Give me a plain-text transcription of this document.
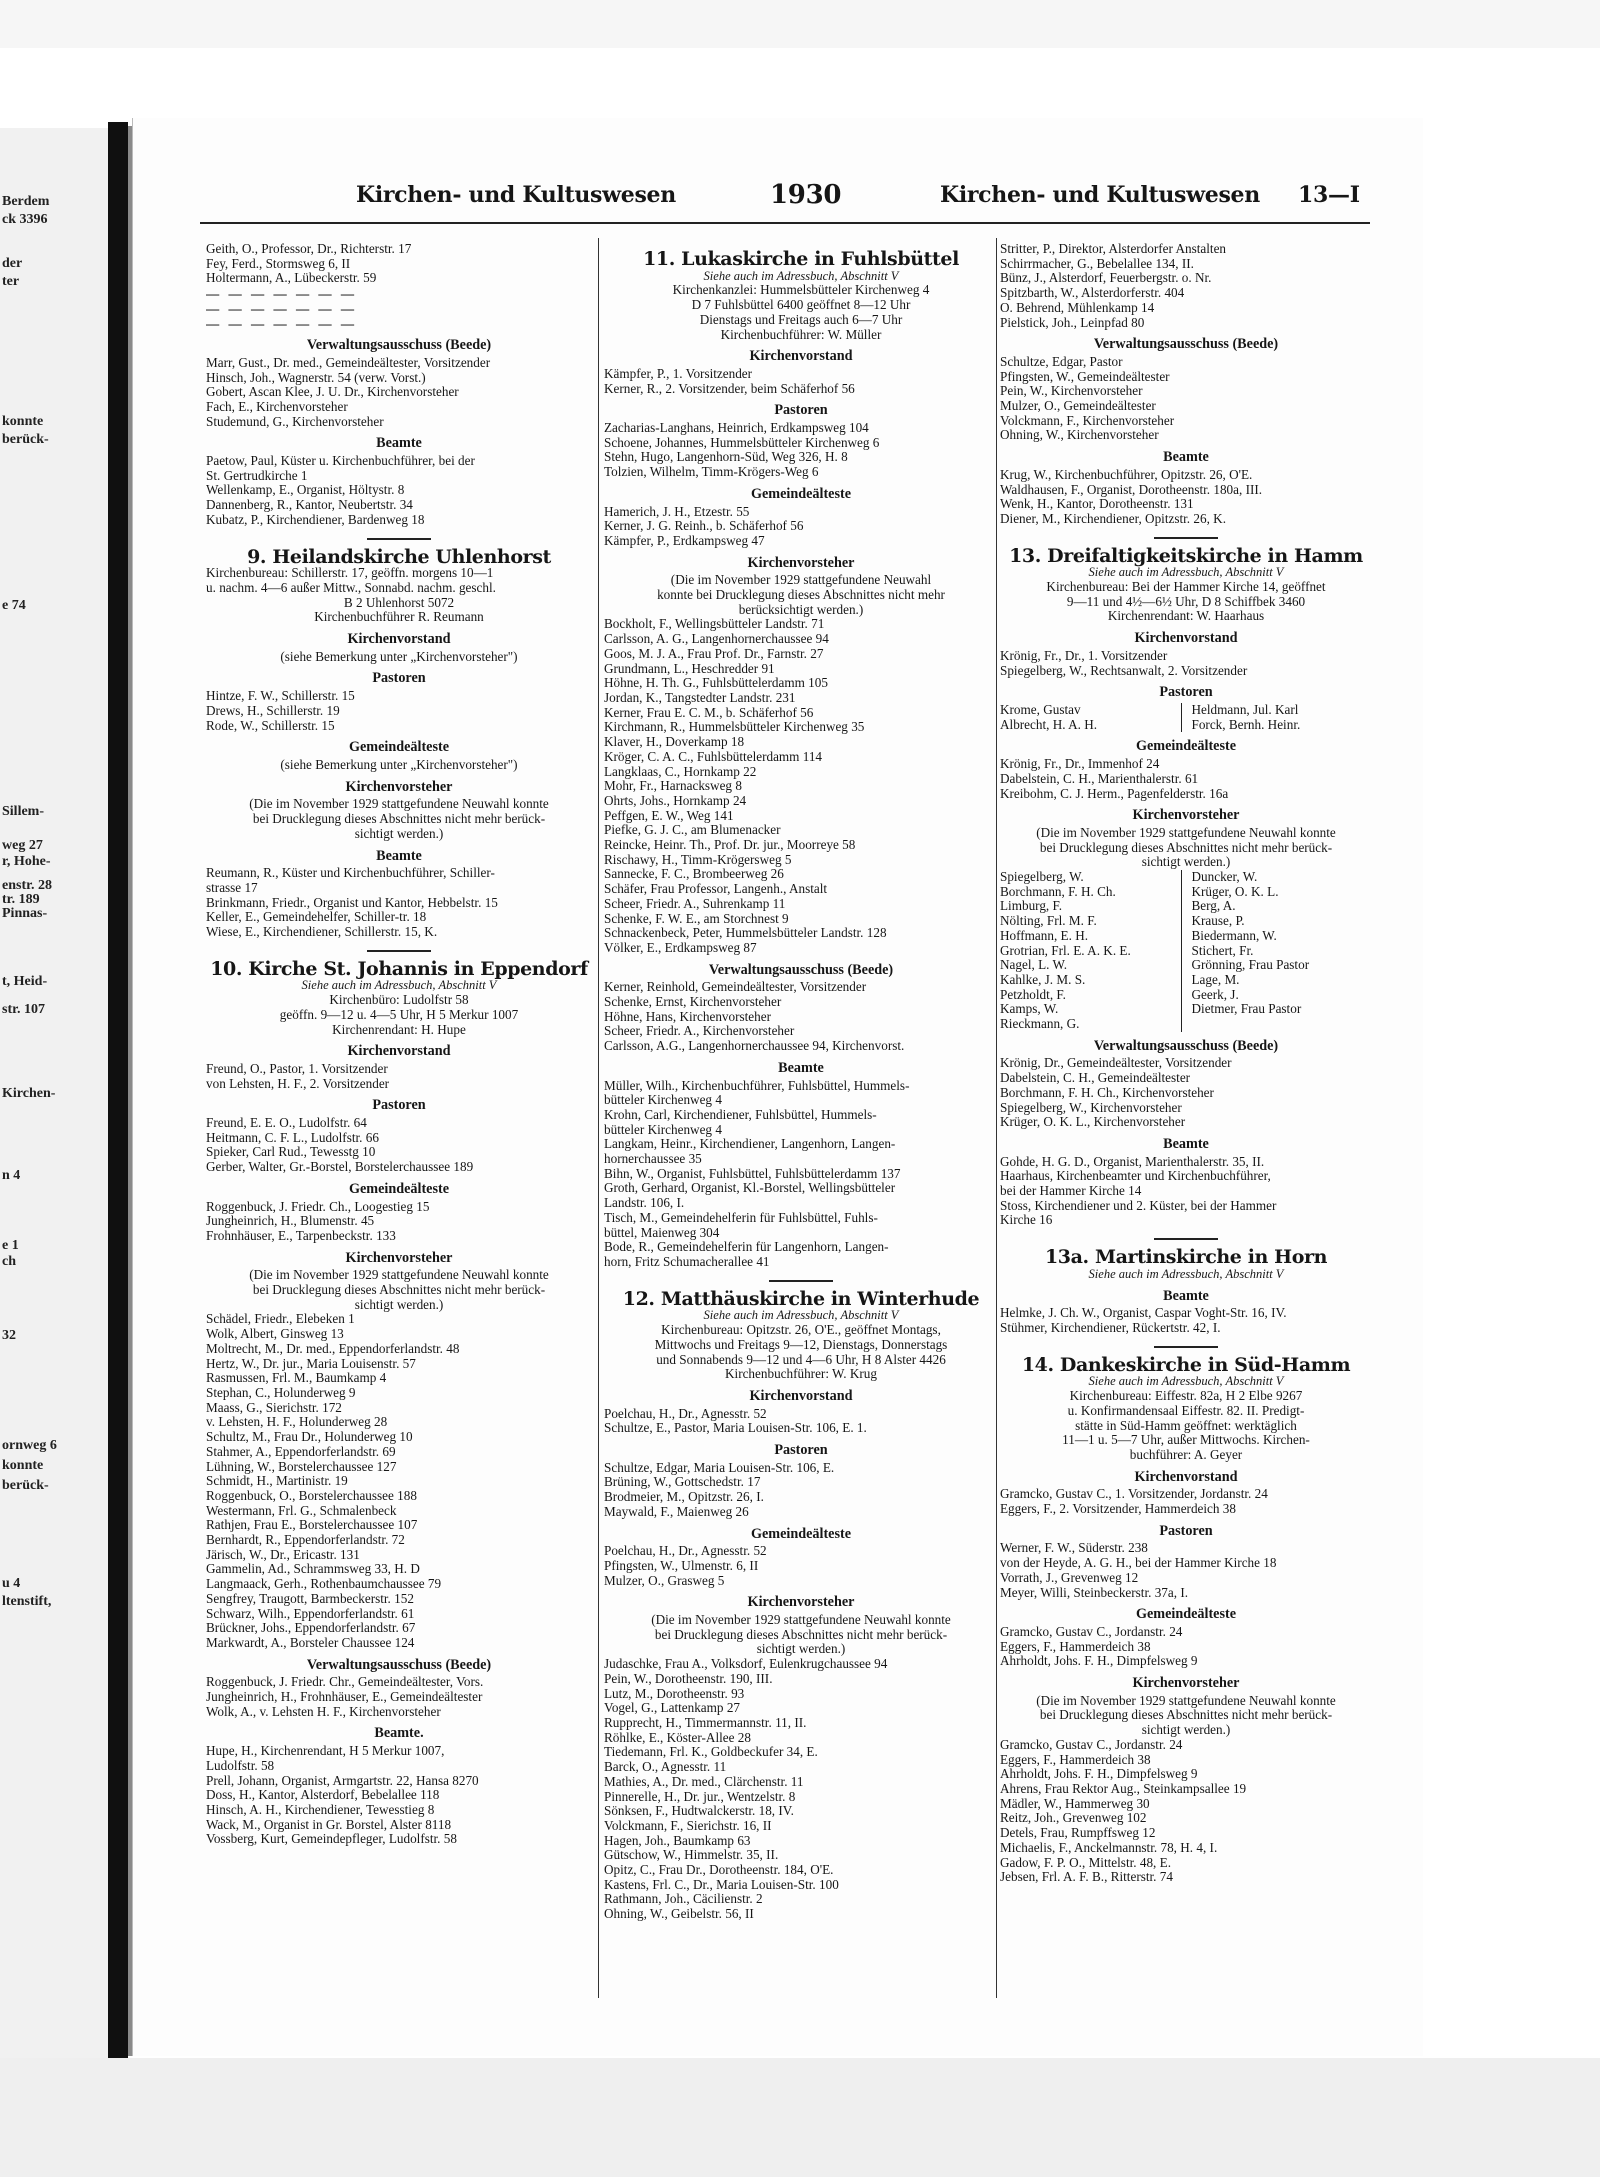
Berdem
ck 3396
der
ter
konnte
berück-
e 74
Sillem-
weg 27
r, Hohe-
enstr. 28
tr. 189
Pinnas-
t, Heid-
str. 107
Kirchen-
n 4
e 1
ch
32
ornweg 6
konnte
berück-
u 4
ltenstift,
Kirchen- und Kultuswesen	1930	Kirchen- und Kultuswesen 13—I
Geith, O., Professor, Dr., Richterstr. 17
Fey, Ferd., Stormsweg 6, II
Holtermann, A., Lübeckerstr. 59
— — — — — — —
— — — — — — —
— — — — — — —
Verwaltungsausschuss (Beede)
Marr, Gust., Dr. med., Gemeindeältester, Vorsitzender
Hinsch, Joh., Wagnerstr. 54 (verw. Vorst.)
Gobert, Ascan Klee, J. U. Dr., Kirchenvorsteher
Fach, E., Kirchenvorsteher
Studemund, G., Kirchenvorsteher
Beamte
Paetow, Paul, Küster u. Kirchenbuchführer, bei der
St. Gertrudkirche 1
Wellenkamp, E., Organist, Höltystr. 8
Dannenberg, R., Kantor, Neubertstr. 34
Kubatz, P., Kirchendiener, Bardenweg 18
9. Heilandskirche Uhlenhorst
Kirchenbureau: Schillerstr. 17, geöffn. morgens 10—1
u. nachm. 4—6 außer Mittw., Sonnabd. nachm. geschl.
B 2 Uhlenhorst 5072
Kirchenbuchführer R. Reumann
Kirchenvorstand
(siehe Bemerkung unter „Kirchenvorsteher")
Pastoren
Hintze, F. W., Schillerstr. 15
Drews, H., Schillerstr. 19
Rode, W., Schillerstr. 15
Gemeindeälteste
(siehe Bemerkung unter „Kirchenvorsteher")
Kirchenvorsteher
(Die im November 1929 stattgefundene Neuwahl konnte
bei Drucklegung dieses Abschnittes nicht mehr berück-
sichtigt werden.)
Beamte
Reumann, R., Küster und Kirchenbuchführer, Schiller-
strasse 17
Brinkmann, Friedr., Organist und Kantor, Hebbelstr. 15
Keller, E., Gemeindehelfer, Schiller-tr. 18
Wiese, E., Kirchendiener, Schillerstr. 15, K.
10. Kirche St. Johannis in Eppendorf
Siehe auch im Adressbuch, Abschnitt V
Kirchenbüro: Ludolfstr 58
geöffn. 9—12 u. 4—5 Uhr, H 5 Merkur 1007
Kirchenrendant: H. Hupe
Kirchenvorstand
Freund, O., Pastor, 1. Vorsitzender
von Lehsten, H. F., 2. Vorsitzender
Pastoren
Freund, E. E. O., Ludolfstr. 64
Heitmann, C. F. L., Ludolfstr. 66
Spieker, Carl Rud., Tewesstg 10
Gerber, Walter, Gr.-Borstel, Borstelerchaussee 189
Gemeindeälteste
Roggenbuck, J. Friedr. Ch., Loogestieg 15
Jungheinrich, H., Blumenstr. 45
Frohnhäuser, E., Tarpenbeckstr. 133
Kirchenvorsteher
(Die im November 1929 stattgefundene Neuwahl konnte
bei Drucklegung dieses Abschnittes nicht mehr berück-
sichtigt werden.)
Schädel, Friedr., Elebeken 1
Wolk, Albert, Ginsweg 13
Moltrecht, M., Dr. med., Eppendorferlandstr. 48
Hertz, W., Dr. jur., Maria Louisenstr. 57
Rasmussen, Frl. M., Baumkamp 4
Stephan, C., Holunderweg 9
Maass, G., Sierichstr. 172
v. Lehsten, H. F., Holunderweg 28
Schultz, M., Frau Dr., Holunderweg 10
Stahmer, A., Eppendorferlandstr. 69
Lühning, W., Borstelerchaussee 127
Schmidt, H., Martinistr. 19
Roggenbuck, O., Borstelerchaussee 188
Westermann, Frl. G., Schmalenbeck
Rathjen, Frau E., Borstelerchaussee 107
Bernhardt, R., Eppendorferlandstr. 72
Järisch, W., Dr., Ericastr. 131
Gammelin, Ad., Schrammsweg 33, H. D
Langmaack, Gerh., Rothenbaumchaussee 79
Sengfrey, Traugott, Barmbeckerstr. 152
Schwarz, Wilh., Eppendorferlandstr. 61
Brückner, Johs., Eppendorferlandstr. 67
Markwardt, A., Borsteler Chaussee 124
Verwaltungsausschuss (Beede)
Roggenbuck, J. Friedr. Chr., Gemeindeältester, Vors.
Jungheinrich, H., Frohnhäuser, E., Gemeindeältester
Wolk, A., v. Lehsten H. F., Kirchenvorsteher
Beamte.
Hupe, H., Kirchenrendant, H 5 Merkur 1007,
Ludolfstr. 58
Prell, Johann, Organist, Armgartstr. 22, Hansa 8270
Doss, H., Kantor, Alsterdorf, Bebelallee 118
Hinsch, A. H., Kirchendiener, Tewesstieg 8
Wack, M., Organist in Gr. Borstel, Alster 8118
Vossberg, Kurt, Gemeindepfleger, Ludolfstr. 58
11. Lukaskirche in Fuhlsbüttel
Siehe auch im Adressbuch, Abschnitt V
Kirchenkanzlei: Hummelsbütteler Kirchenweg 4
D 7 Fuhlsbüttel 6400 geöffnet 8—12 Uhr
Dienstags und Freitags auch 6—7 Uhr
Kirchenbuchführer: W. Müller
Kirchenvorstand
Kämpfer, P., 1. Vorsitzender
Kerner, R., 2. Vorsitzender, beim Schäferhof 56
Pastoren
Zacharias-Langhans, Heinrich, Erdkampsweg 104
Schoene, Johannes, Hummelsbütteler Kirchenweg 6
Stehn, Hugo, Langenhorn-Süd, Weg 326, H. 8
Tolzien, Wilhelm, Timm-Krögers-Weg 6
Gemeindeälteste
Hamerich, J. H., Etzestr. 55
Kerner, J. G. Reinh., b. Schäferhof 56
Kämpfer, P., Erdkampsweg 47
Kirchenvorsteher
(Die im November 1929 stattgefundene Neuwahl
konnte bei Drucklegung dieses Abschnittes nicht mehr
berücksichtigt werden.)
Bockholt, F., Wellingsbütteler Landstr. 71
Carlsson, A. G., Langenhornerchaussee 94
Goos, M. J. A., Frau Prof. Dr., Farnstr. 27
Grundmann, L., Heschredder 91
Höhne, H. Th. G., Fuhlsbüttelerdamm 105
Jordan, K., Tangstedter Landstr. 231
Kerner, Frau E. C. M., b. Schäferhof 56
Kirchmann, R., Hummelsbütteler Kirchenweg 35
Klaver, H., Doverkamp 18
Kröger, C. A. C., Fuhlsbüttelerdamm 114
Langklaas, C., Hornkamp 22
Mohr, Fr., Harnacksweg 8
Ohrts, Johs., Hornkamp 24
Peffgen, E. W., Weg 141
Piefke, G. J. C., am Blumenacker
Reincke, Heinr. Th., Prof. Dr. jur., Moorreye 58
Rischawy, H., Timm-Krögersweg 5
Sannecke, F. C., Brombeerweg 26
Schäfer, Frau Professor, Langenh., Anstalt
Scheer, Friedr. A., Suhrenkamp 11
Schenke, F. W. E., am Storchnest 9
Schnackenbeck, Peter, Hummelsbütteler Landstr. 128
Völker, E., Erdkampsweg 87
Verwaltungsausschuss (Beede)
Kerner, Reinhold, Gemeindeältester, Vorsitzender
Schenke, Ernst, Kirchenvorsteher
Höhne, Hans, Kirchenvorsteher
Scheer, Friedr. A., Kirchenvorsteher
Carlsson, A.G., Langenhornerchaussee 94, Kirchenvorst.
Beamte
Müller, Wilh., Kirchenbuchführer, Fuhlsbüttel, Hummels-
bütteler Kirchenweg 4
Krohn, Carl, Kirchendiener, Fuhlsbüttel, Hummels-
bütteler Kirchenweg 4
Langkam, Heinr., Kirchendiener, Langenhorn, Langen-
hornerchaussee 35
Bihn, W., Organist, Fuhlsbüttel, Fuhlsbüttelerdamm 137
Groth, Gerhard, Organist, Kl.-Borstel, Wellingsbütteler
Landstr. 106, I.
Tisch, M., Gemeindehelferin für Fuhlsbüttel, Fuhls-
büttel, Maienweg 304
Bode, R., Gemeindehelferin für Langenhorn, Langen-
horn, Fritz Schumacherallee 41
12. Matthäuskirche in Winterhude
Siehe auch im Adressbuch, Abschnitt V
Kirchenbureau: Opitzstr. 26, O'E., geöffnet Montags,
Mittwochs und Freitags 9—12, Dienstags, Donnerstags
und Sonnabends 9—12 und 4—6 Uhr, H 8 Alster 4426
Kirchenbuchführer: W. Krug
Kirchenvorstand
Poelchau, H., Dr., Agnesstr. 52
Schultze, E., Pastor, Maria Louisen-Str. 106, E. 1.
Pastoren
Schultze, Edgar, Maria Louisen-Str. 106, E.
Brüning, W., Gottschedstr. 17
Brodmeier, M., Opitzstr. 26, I.
Maywald, F., Maienweg 26
Gemeindeälteste
Poelchau, H., Dr., Agnesstr. 52
Pfingsten, W., Ulmenstr. 6, II
Mulzer, O., Grasweg 5
Kirchenvorsteher
(Die im November 1929 stattgefundene Neuwahl konnte
bei Drucklegung dieses Abschnittes nicht mehr berück-
sichtigt werden.)
Judaschke, Frau A., Volksdorf, Eulenkrugchaussee 94
Pein, W., Dorotheenstr. 190, III.
Lutz, M., Dorotheenstr. 93
Vogel, G., Lattenkamp 27
Rupprecht, H., Timmermannstr. 11, II.
Röhlke, E., Köster-Allee 28
Tiedemann, Frl. K., Goldbeckufer 34, E.
Barck, O., Agnesstr. 11
Mathies, A., Dr. med., Clärchenstr. 11
Pinnerelle, H., Dr. jur., Wentzelstr. 8
Sönksen, F., Hudtwalckerstr. 18, IV.
Volckmann, F., Sierichstr. 16, II
Hagen, Joh., Baumkamp 63
Gütschow, W., Himmelstr. 35, II.
Opitz, C., Frau Dr., Dorotheenstr. 184, O'E.
Kastens, Frl. C., Dr., Maria Louisen-Str. 100
Rathmann, Joh., Cäcilienstr. 2
Ohning, W., Geibelstr. 56, II
Stritter, P., Direktor, Alsterdorfer Anstalten
Schirrmacher, G., Bebelallee 134, II.
Bünz, J., Alsterdorf, Feuerbergstr. o. Nr.
Spitzbarth, W., Alsterdorferstr. 404
O. Behrend, Mühlenkamp 14
Pielstick, Joh., Leinpfad 80
Verwaltungsausschuss (Beede)
Schultze, Edgar, Pastor
Pfingsten, W., Gemeindeältester
Pein, W., Kirchenvorsteher
Mulzer, O., Gemeindeältester
Volckmann, F., Kirchenvorsteher
Ohning, W., Kirchenvorsteher
Beamte
Krug, W., Kirchenbuchführer, Opitzstr. 26, O'E.
Waldhausen, F., Organist, Dorotheenstr. 180a, III.
Wenk, H., Kantor, Dorotheenstr. 131
Diener, M., Kirchendiener, Opitzstr. 26, K.
13. Dreifaltigkeitskirche in Hamm
Siehe auch im Adressbuch, Abschnitt V
Kirchenbureau: Bei der Hammer Kirche 14, geöffnet
9—11 und 4½—6½ Uhr, D 8 Schiffbek 3460
Kirchenrendant: W. Haarhaus
Kirchenvorstand
Krönig, Fr., Dr., 1. Vorsitzender
Spiegelberg, W., Rechtsanwalt, 2. Vorsitzender
Pastoren
Krome, Gustav
Albrecht, H. A. H.
Heldmann, Jul. Karl
Forck, Bernh. Heinr.
Gemeindeälteste
Krönig, Fr., Dr., Immenhof 24
Dabelstein, C. H., Marienthalerstr. 61
Kreibohm, C. J. Herm., Pagenfelderstr. 16a
Kirchenvorsteher
(Die im November 1929 stattgefundene Neuwahl konnte
bei Drucklegung dieses Abschnittes nicht mehr berück-
sichtigt werden.)
Spiegelberg, W.
Borchmann, F. H. Ch.
Limburg, F.
Nölting, Frl. M. F.
Hoffmann, E. H.
Grotrian, Frl. E. A. K. E.
Nagel, L. W.
Kahlke, J. M. S.
Petzholdt, F.
Kamps, W.
Rieckmann, G.
Duncker, W.
Krüger, O. K. L.
Berg, A.
Krause, P.
Biedermann, W.
Stichert, Fr.
Grönning, Frau Pastor
Lage, M.
Geerk, J.
Dietmer, Frau Pastor

Verwaltungsausschuss (Beede)
Krönig, Dr., Gemeindeältester, Vorsitzender
Dabelstein, C. H., Gemeindeältester
Borchmann, F. H. Ch., Kirchenvorsteher
Spiegelberg, W., Kirchenvorsteher
Krüger, O. K. L., Kirchenvorsteher
Beamte
Gohde, H. G. D., Organist, Marienthalerstr. 35, II.
Haarhaus, Kirchenbeamter und Kirchenbuchführer,
bei der Hammer Kirche 14
Stoss, Kirchendiener und 2. Küster, bei der Hammer
Kirche 16
13a. Martinskirche in Horn
Siehe auch im Adressbuch, Abschnitt V
Beamte
Helmke, J. Ch. W., Organist, Caspar Voght-Str. 16, IV.
Stühmer, Kirchendiener, Rückertstr. 42, I.
14. Dankeskirche in Süd-Hamm
Siehe auch im Adressbuch, Abschnitt V
Kirchenbureau: Eiffestr. 82a, H 2 Elbe 9267
u. Konfirmandensaal Eiffestr. 82. II. Predigt-
stätte in Süd-Hamm geöffnet: werktäglich
11—1 u. 5—7 Uhr, außer Mittwochs. Kirchen-
buchführer: A. Geyer
Kirchenvorstand
Gramcko, Gustav C., 1. Vorsitzender, Jordanstr. 24
Eggers, F., 2. Vorsitzender, Hammerdeich 38
Pastoren
Werner, F. W., Süderstr. 238
von der Heyde, A. G. H., bei der Hammer Kirche 18
Vorrath, J., Grevenweg 12
Meyer, Willi, Steinbeckerstr. 37a, I.
Gemeindeälteste
Gramcko, Gustav C., Jordanstr. 24
Eggers, F., Hammerdeich 38
Ahrholdt, Johs. F. H., Dimpfelsweg 9
Kirchenvorsteher
(Die im November 1929 stattgefundene Neuwahl konnte
bei Drucklegung dieses Abschnittes nicht mehr berück-
sichtigt werden.)
Gramcko, Gustav C., Jordanstr. 24
Eggers, F., Hammerdeich 38
Ahrholdt, Johs. F. H., Dimpfelsweg 9
Ahrens, Frau Rektor Aug., Steinkampsallee 19
Mädler, W., Hammerweg 30
Reitz, Joh., Grevenweg 102
Detels, Frau, Rumpffsweg 12
Michaelis, F., Anckelmannstr. 78, H. 4, I.
Gadow, F. P. O., Mittelstr. 48, E.
Jebsen, Frl. A. F. B., Ritterstr. 74
